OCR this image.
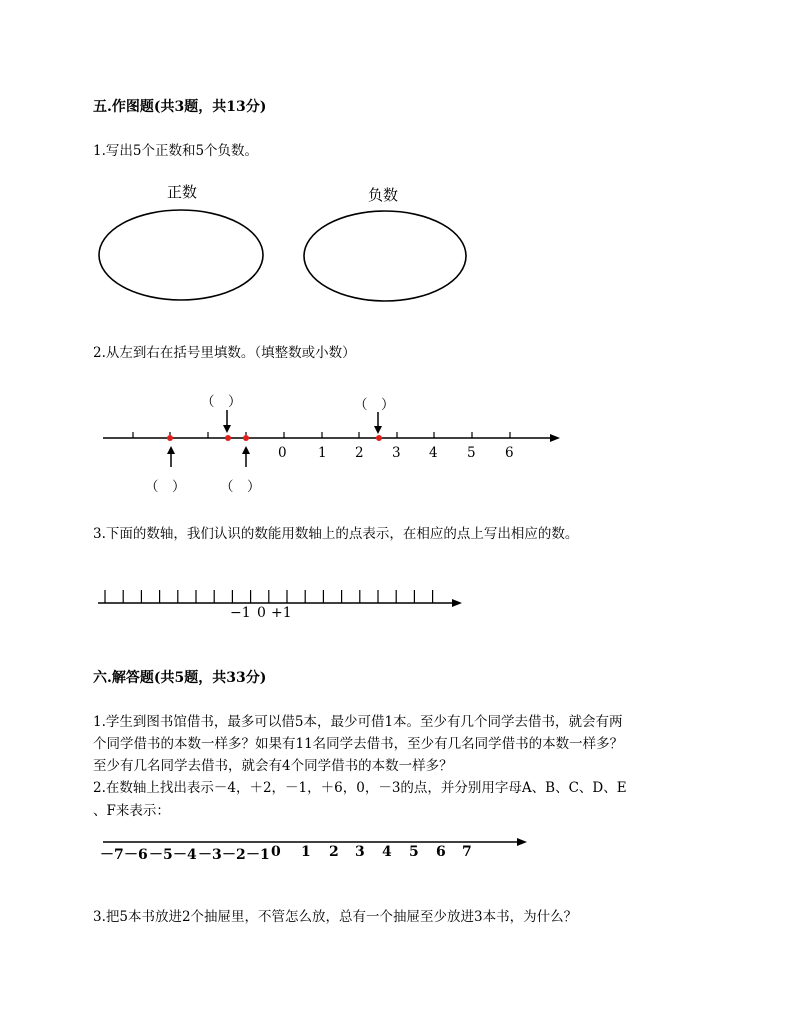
五.作图题(共3题，共13分)
1.写出5个正数和5个负数。
正数	负数
2.从左到右在括号里填数。（填整数或小数）
（　）	（　）
（　）	（　）
0 1 2 3 4 5 6
3.下面的数轴，我们认识的数能用数轴上的点表示，在相应的点上写出相应的数。
−1 0 +1
六.解答题(共5题，共33分)
1.学生到图书馆借书，最多可以借5本，最少可借1本。至少有几个同学去借书，就会有两
个同学借书的本数一样多？如果有11名同学去借书，至少有几名同学借书的本数一样多？
至少有几名同学去借书，就会有4个同学借书的本数一样多？
2.在数轴上找出表示－4，＋2，－1，＋6，0，－3的点，并分别用字母A、B、C、D、E
、F来表示：
－7 －6 －5 －4 －3 －2 －1 0 1 2 3 4 5 6 7
3.把5本书放进2个抽屉里，不管怎么放，总有一个抽屉至少放进3本书，为什么？
